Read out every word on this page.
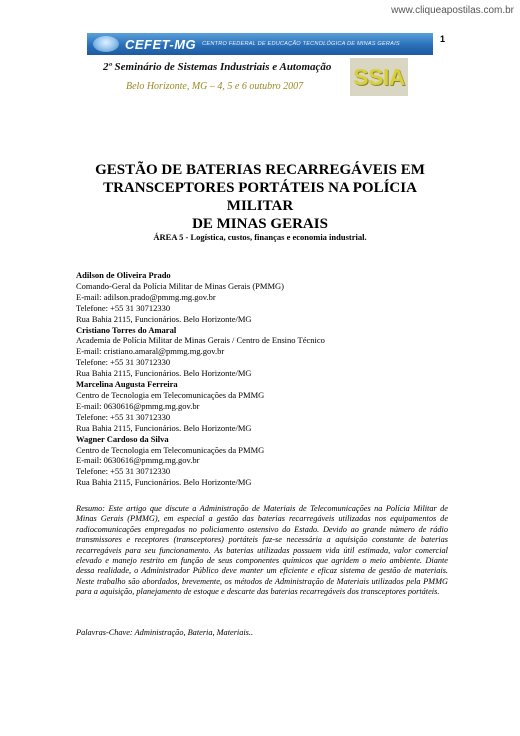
www.cliqueapostilas.com.br
1
CEFET-MG CENTRO FEDERAL DE EDUCAÇÃO TECNOLÓGICA DE MINAS GERAIS
2º Seminário de Sistemas Industriais e Automação
Belo Horizonte, MG – 4, 5 e 6 outubro 2007 SSIA
GESTÃO DE BATERIAS RECARREGÁVEIS EM
TRANSCEPTORES PORTÁTEIS NA POLÍCIA MILITAR
DE MINAS GERAIS
ÁREA 5 - Logística, custos, finanças e economia industrial.
Adilson de Oliveira Prado
Comando-Geral da Polícia Militar de Minas Gerais (PMMG)
E-mail: adilson.prado@pmmg.mg.gov.br
Telefone: +55 31 30712330
Rua Bahia 2115, Funcionários. Belo Horizonte/MG
Cristiano Torres do Amaral
Academia de Polícia Militar de Minas Gerais / Centro de Ensino Técnico
E-mail: cristiano.amaral@pmmg.mg.gov.br
Telefone: +55 31 30712330
Rua Bahia 2115, Funcionários. Belo Horizonte/MG
Marcelina Augusta Ferreira
Centro de Tecnologia em Telecomunicações da PMMG
E-mail: 0630616@pmmg.mg.gov.br
Telefone: +55 31 30712330
Rua Bahia 2115, Funcionários. Belo Horizonte/MG
Wagner Cardoso da Silva
Centro de Tecnologia em Telecomunicações da PMMG
E-mail: 0630616@pmmg.mg.gov.br
Telefone: +55 31 30712330
Rua Bahia 2115, Funcionários. Belo Horizonte/MG

Resumo: Este artigo que discute a Administração de Materiais de Telecomunicações na Polícia Militar de Minas Gerais (PMMG), em especial a gestão das baterias recarregáveis utilizadas nos equipamentos de radiocomunicações empregados no policiamento ostensivo do Estado. Devido ao grande número de rádio transmissores e receptores (transceptores) portáteis faz-se necessária a aquisição constante de baterias recarregáveis para seu funcionamento. As baterias utilizadas possuem vida útil estimada, valor comercial elevado e manejo restrito em função de seus componentes químicos que agridem o meio ambiente. Diante dessa realidade, o Administrador Público deve manter um eficiente e eficaz sistema de gestão de materiais. Neste trabalho são abordados, brevemente, os métodos de Administração de Materiais utilizados pela PMMG para a aquisição, planejamento de estoque e descarte das baterias recarregáveis dos transceptores portáteis.

Palavras-Chave: Administração, Bateria, Materiais..
